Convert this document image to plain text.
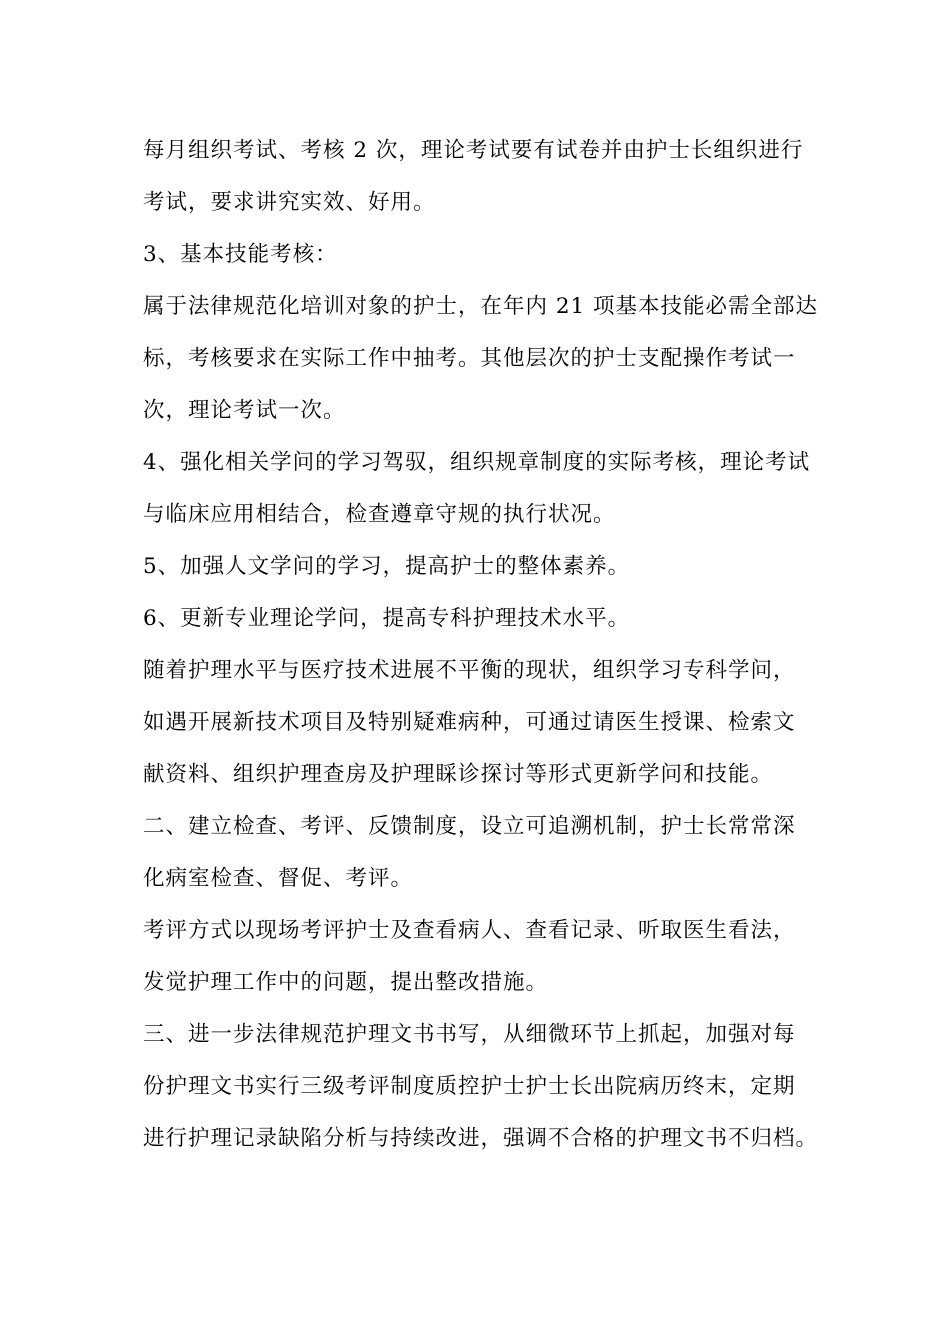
每月组织考试、考核 2 次，理论考试要有试卷并由护士长组织进行
考试，要求讲究实效、好用。
3、基本技能考核：
属于法律规范化培训对象的护士，在年内 21 项基本技能必需全部达
标，考核要求在实际工作中抽考。其他层次的护士支配操作考试一
次，理论考试一次。
4、强化相关学问的学习驾驭，组织规章制度的实际考核，理论考试
与临床应用相结合，检查遵章守规的执行状况。
5、加强人文学问的学习，提高护士的整体素养。
6、更新专业理论学问，提高专科护理技术水平。
随着护理水平与医疗技术进展不平衡的现状，组织学习专科学问，
如遇开展新技术项目及特别疑难病种，可通过请医生授课、检索文
献资料、组织护理查房及护理睬诊探讨等形式更新学问和技能。
二、建立检查、考评、反馈制度，设立可追溯机制，护士长常常深
化病室检查、督促、考评。
考评方式以现场考评护士及查看病人、查看记录、听取医生看法，
发觉护理工作中的问题，提出整改措施。
三、进一步法律规范护理文书书写，从细微环节上抓起，加强对每
份护理文书实行三级考评制度质控护士护士长出院病历终末，定期
进行护理记录缺陷分析与持续改进，强调不合格的护理文书不归档。
